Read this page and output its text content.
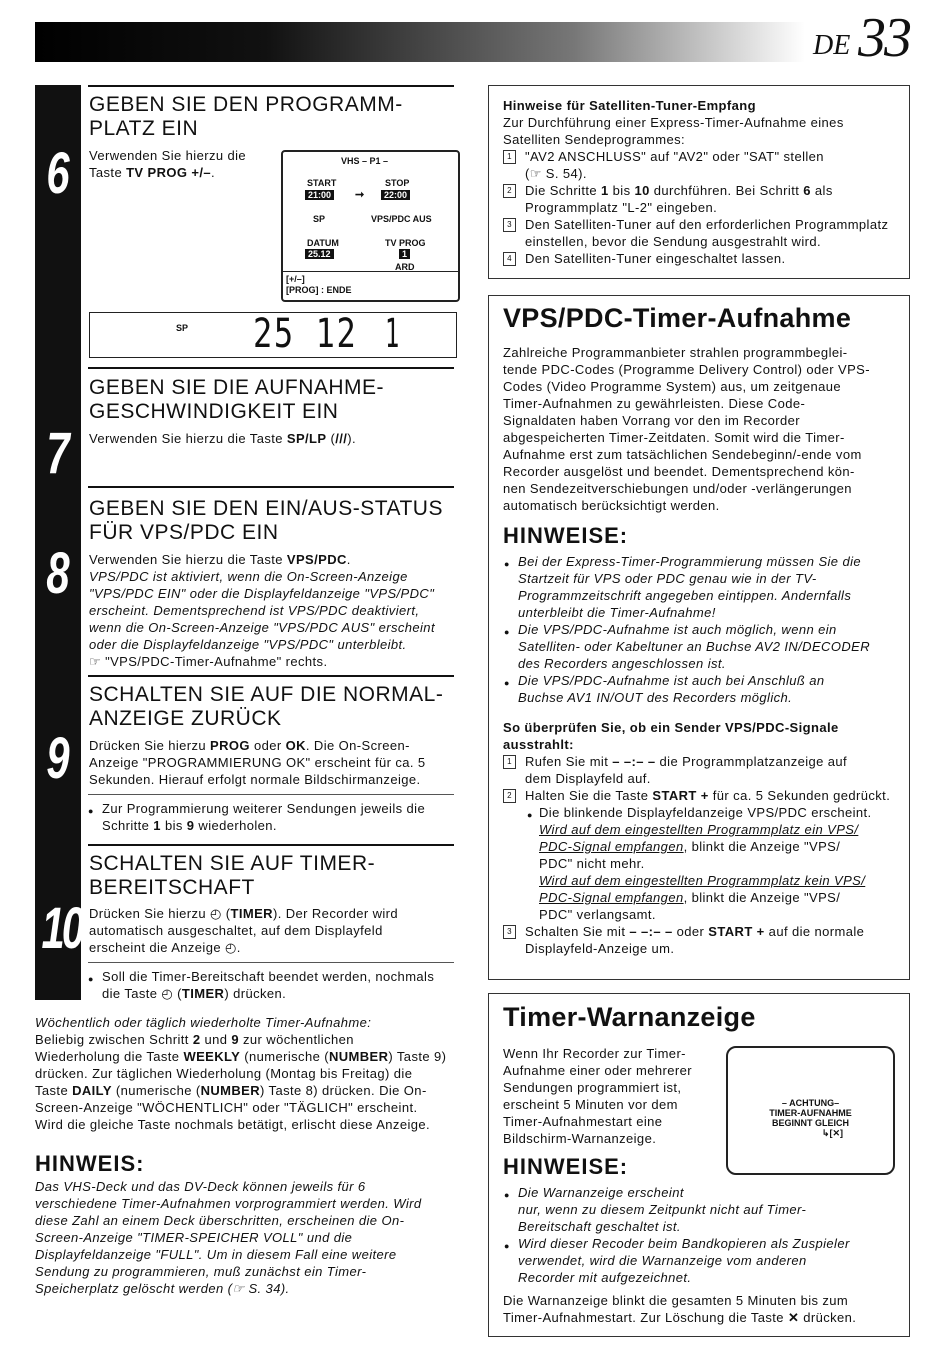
DE 33
6
7
8
9
10
GEBEN SIE DEN PROGRAMM-
PLATZ EIN
Verwenden Sie hierzu die
Taste TV PROG +/–.
VHS – P1 –
START
21:00 ➞
STOP
22:00
SP	VPS/PDC AUS
DATUM
25.12
TV PROG
1
ARD
[+/–]
[PROG] : ENDE
SP 25 12 1
GEBEN SIE DIE AUFNAHME-
GESCHWINDIGKEIT EIN
Verwenden Sie hierzu die Taste SP/LP (///).
GEBEN SIE DEN EIN/AUS-STATUS
FÜR VPS/PDC EIN
Verwenden Sie hierzu die Taste VPS/PDC.
VPS/PDC ist aktiviert, wenn die On-Screen-Anzeige
"VPS/PDC EIN" oder die Displayfeldanzeige "VPS/PDC"
erscheint. Dementsprechend ist VPS/PDC deaktiviert,
wenn die On-Screen-Anzeige "VPS/PDC AUS" erscheint
oder die Displayfeldanzeige "VPS/PDC" unterbleibt.
☞ "VPS/PDC-Timer-Aufnahme" rechts.
SCHALTEN SIE AUF DIE NORMAL-
ANZEIGE ZURÜCK
Drücken Sie hierzu PROG oder OK. Die On-Screen-
Anzeige "PROGRAMMIERUNG OK" erscheint für ca. 5
Sekunden. Hierauf erfolgt normale Bildschirmanzeige.
● Zur Programmierung weiterer Sendungen jeweils die
Schritte 1 bis 9 wiederholen.
SCHALTEN SIE AUF TIMER-
BEREITSCHAFT
Drücken Sie hierzu ◴ (TIMER). Der Recorder wird
automatisch ausgeschaltet, auf dem Displayfeld
erscheint die Anzeige ◴.
● Soll die Timer-Bereitschaft beendet werden, nochmals
die Taste ◴ (TIMER) drücken.
Wöchentlich oder täglich wiederholte Timer-Aufnahme:
Beliebig zwischen Schritt 2 und 9 zur wöchentlichen
Wiederholung die Taste WEEKLY (numerische (NUMBER) Taste 9)
drücken. Zur täglichen Wiederholung (Montag bis Freitag) die
Taste DAILY (numerische (NUMBER) Taste 8) drücken. Die On-
Screen-Anzeige "WÖCHENTLICH" oder "TÄGLICH" erscheint.
Wird die gleiche Taste nochmals betätigt, erlischt diese Anzeige.
HINWEIS:
Das VHS-Deck und das DV-Deck können jeweils für 6
verschiedene Timer-Aufnahmen vorprogrammiert werden. Wird
diese Zahl an einem Deck überschritten, erscheinen die On-
Screen-Anzeige "TIMER-SPEICHER VOLL" und die
Displayfeldanzeige "FULL". Um in diesem Fall eine weitere
Sendung zu programmieren, muß zunächst ein Timer-
Speicherplatz gelöscht werden (☞ S. 34).
Hinweise für Satelliten-Tuner-Empfang
Zur Durchführung einer Express-Timer-Aufnahme eines
Satelliten Sendeprogrammes:
1	"AV2 ANSCHLUSS" auf "AV2" oder "SAT" stellen
(☞ S. 54).
2	Die Schritte 1 bis 10 durchführen. Bei Schritt 6 als
Programmplatz "L-2" eingeben.
3	Den Satelliten-Tuner auf den erforderlichen Programmplatz
einstellen, bevor die Sendung ausgestrahlt wird.
4	Den Satelliten-Tuner eingeschaltet lassen.
VPS/PDC-Timer-Aufnahme
Zahlreiche Programmanbieter strahlen programmbeglei-
tende PDC-Codes (Programme Delivery Control) oder VPS-
Codes (Video Programme System) aus, um zeitgenaue
Timer-Aufnahmen zu gewährleisten. Diese Code-
Signaldaten haben Vorrang vor den im Recorder
abgespeicherten Timer-Zeitdaten. Somit wird die Timer-
Aufnahme erst zum tatsächlichen Sendebeginn/-ende vom
Recorder ausgelöst und beendet. Dementsprechend kön-
nen Sendezeitverschiebungen und/oder -verlängerungen
automatisch berücksichtigt werden.
HINWEISE:
● Bei der Express-Timer-Programmierung müssen Sie die
Startzeit für VPS oder PDC genau wie in der TV-
Programmzeitschrift angegeben eintippen. Andernfalls
unterbleibt die Timer-Aufnahme!
● Die VPS/PDC-Aufnahme ist auch möglich, wenn ein
Satelliten- oder Kabeltuner an Buchse AV2 IN/DECODER
des Recorders angeschlossen ist.
● Die VPS/PDC-Aufnahme ist auch bei Anschluß an
Buchse AV1 IN/OUT des Recorders möglich.
So überprüfen Sie, ob ein Sender VPS/PDC-Signale
ausstrahlt:
1	Rufen Sie mit – –:– – die Programmplatzanzeige auf
dem Displayfeld auf.
2	Halten Sie die Taste START + für ca. 5 Sekunden gedrückt.
● Die blinkende Displayfeldanzeige VPS/PDC erscheint.
Wird auf dem eingestellten Programmplatz ein VPS/
PDC-Signal empfangen, blinkt die Anzeige "VPS/
PDC" nicht mehr.
Wird auf dem eingestellten Programmplatz kein VPS/
PDC-Signal empfangen, blinkt die Anzeige "VPS/
PDC" verlangsamt.
3	Schalten Sie mit – –:– – oder START + auf die normale
Displayfeld-Anzeige um.
Timer-Warnanzeige
Wenn Ihr Recorder zur Timer-
Aufnahme einer oder mehrerer
Sendungen programmiert ist,
erscheint 5 Minuten vor dem
Timer-Aufnahmestart eine
Bildschirm-Warnanzeige.
– ACHTUNG–
TIMER-AUFNAHME
BEGINNT GLEICH
↳[✕]
HINWEISE:
● Die Warnanzeige erscheint
nur, wenn zu diesem Zeitpunkt nicht auf Timer-
Bereitschaft geschaltet ist.
● Wird dieser Recoder beim Bandkopieren als Zuspieler
verwendet, wird die Warnanzeige vom anderen
Recorder mit aufgezeichnet.
Die Warnanzeige blinkt die gesamten 5 Minuten bis zum
Timer-Aufnahmestart. Zur Löschung die Taste ✕ drücken.
